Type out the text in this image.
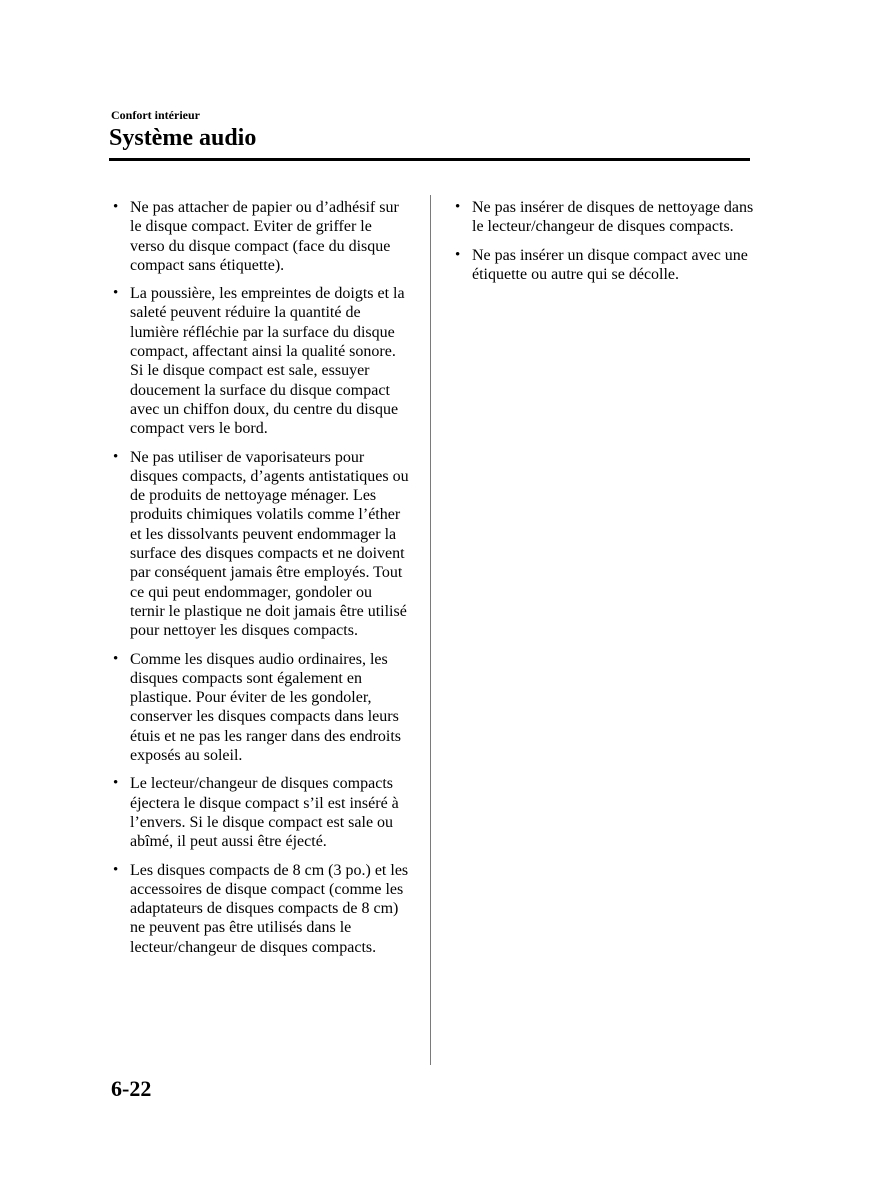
Confort intérieur
Système audio
• Ne pas attacher de papier ou d’adhésif sur le disque compact. Eviter de griffer le verso du disque compact (face du disque compact sans étiquette).
• La poussière, les empreintes de doigts et la saleté peuvent réduire la quantité de lumière réfléchie par la surface du disque compact, affectant ainsi la qualité sonore. Si le disque compact est sale, essuyer doucement la surface du disque compact avec un chiffon doux, du centre du disque compact vers le bord.
• Ne pas utiliser de vaporisateurs pour disques compacts, d’agents antistatiques ou de produits de nettoyage ménager. Les produits chimiques volatils comme l’éther et les dissolvants peuvent endommager la surface des disques compacts et ne doivent par conséquent jamais être employés. Tout ce qui peut endommager, gondoler ou ternir le plastique ne doit jamais être utilisé pour nettoyer les disques compacts.
• Comme les disques audio ordinaires, les disques compacts sont également en plastique. Pour éviter de les gondoler, conserver les disques compacts dans leurs étuis et ne pas les ranger dans des endroits exposés au soleil.
• Le lecteur/changeur de disques compacts éjectera le disque compact s’il est inséré à l’envers. Si le disque compact est sale ou abîmé, il peut aussi être éjecté.
• Les disques compacts de 8 cm (3 po.) et les accessoires de disque compact (comme les adaptateurs de disques compacts de 8 cm) ne peuvent pas être utilisés dans le lecteur/changeur de disques compacts.
• Ne pas insérer de disques de nettoyage dans le lecteur/changeur de disques compacts.
• Ne pas insérer un disque compact avec une étiquette ou autre qui se décolle.
6-22
